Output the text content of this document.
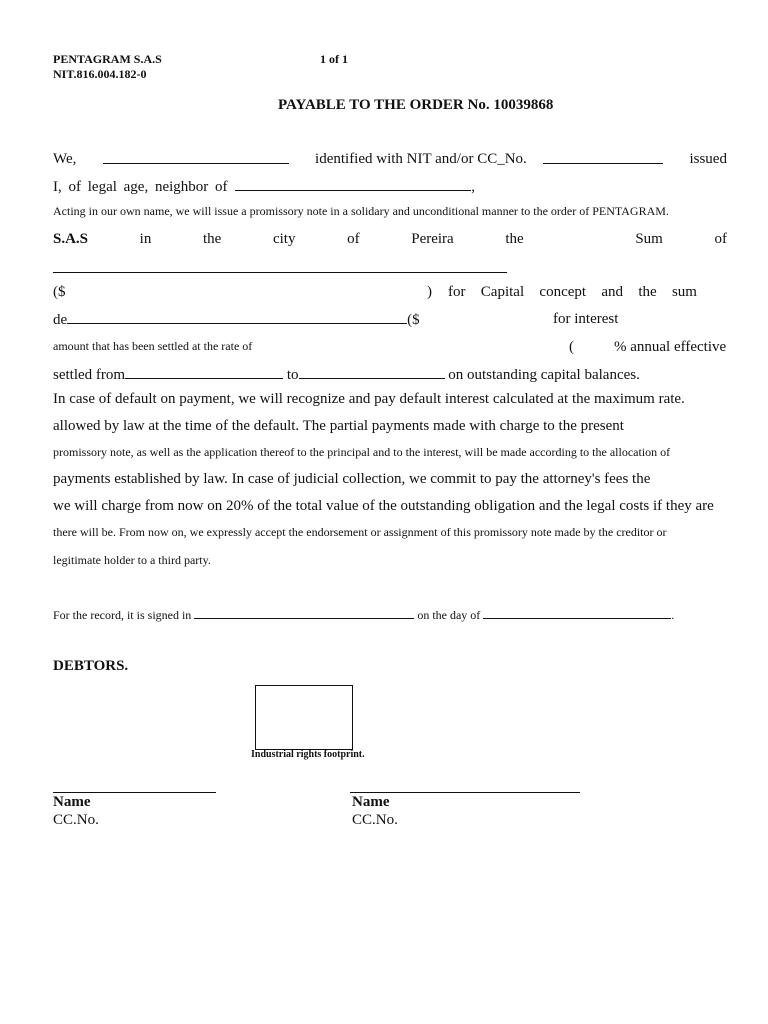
PENTAGRAM S.A.S
NIT.816.004.182-0
1 of 1
PAYABLE TO THE ORDER No. 10039868
We,	identified with NIT and/or CC_No.	issued
I, of legal age, neighbor of	,
Acting in our own name, we will issue a promissory note in a solidary and unconditional manner to the order of PENTAGRAM.
S.A.S	in	the	city	of	Pereira	the	Sum	of
($	) for Capital concept and the sum
de	($	for interest
amount that has been settled at the rate of	(	% annual effective
settled from	to	on outstanding capital balances.
In case of default on payment, we will recognize and pay default interest calculated at the maximum rate.
allowed by law at the time of the default. The partial payments made with charge to the present
promissory note, as well as the application thereof to the principal and to the interest, will be made according to the allocation of
payments established by law. In case of judicial collection, we commit to pay the attorney's fees the
we will charge from now on 20% of the total value of the outstanding obligation and the legal costs if they are
there will be. From now on, we expressly accept the endorsement or assignment of this promissory note made by the creditor or
legitimate holder to a third party.
For the record, it is signed in	on the day of	.
DEBTORS.
Industrial rights footprint.
Name
CC.No.
Name
CC.No.
